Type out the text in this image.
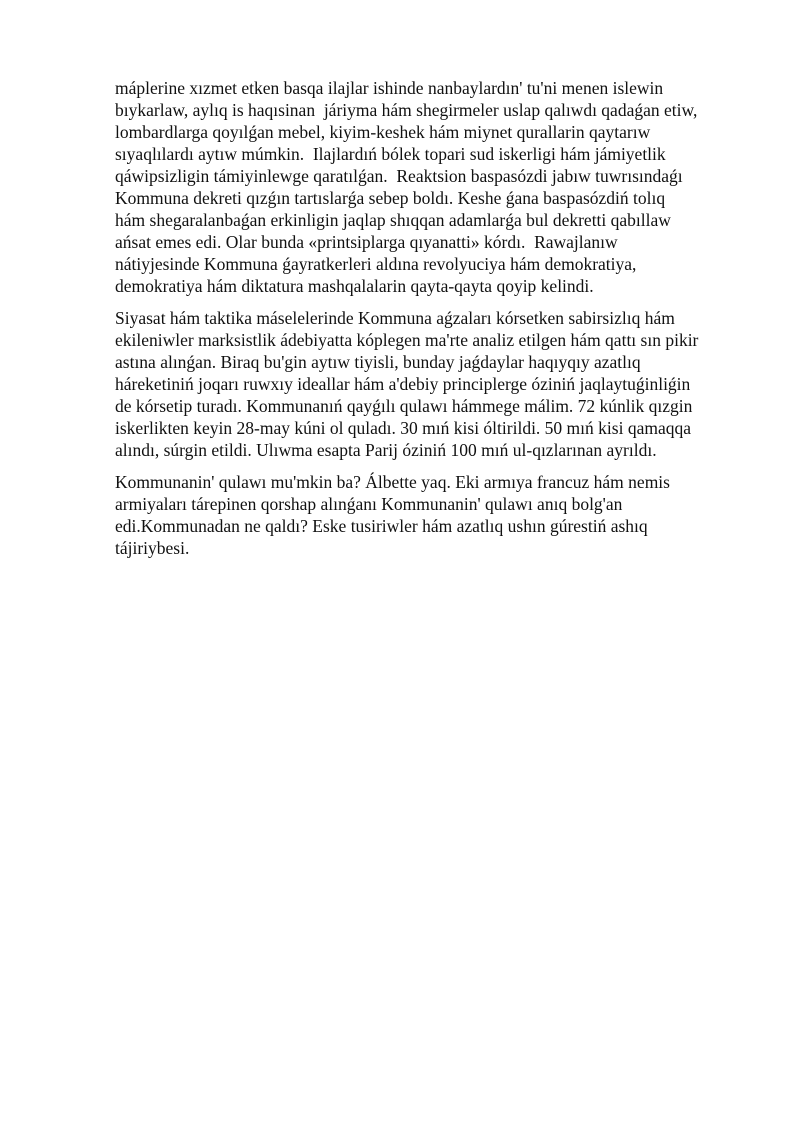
máplerine xızmet etken basqa ilajlar ishinde nanbaylardın' tu'ni menen islewin
bıykarlaw, aylıq is haqısinan  járiyma hám shegirmeler uslap qalıwdı qadaǵan etiw,
lombardlarga qoyılǵan mebel, kiyim-keshek hám miynet qurallarin qaytarıw
sıyaqlılardı aytıw múmkin.  Ilajlardıń bólek topari sud iskerligi hám jámiyetlik
qáwipsizligin támiyinlewge qaratılǵan.  Reaktsion baspasózdi jabıw tuwrısındaǵı
Kommuna dekreti qızǵın tartıslarǵa sebep boldı. Keshe ǵana baspasózdiń tolıq
hám shegaralanbaǵan erkinligin jaqlap shıqqan adamlarǵa bul dekretti qabıllaw
ańsat emes edi. Olar bunda «printsiplarga qıyanatti» kórdı.  Rawajlanıw
nátiyjesinde Kommuna ǵayratkerleri aldına revolyuciya hám demokratiya,
demokratiya hám diktatura mashqalalarin qayta-qayta qoyip kelindi.

Siyasat hám taktika máselelerinde Kommuna aǵzaları kórsetken sabirsizlıq hám
ekileniwler marksistlik ádebiyatta kóplegen ma'rte analiz etilgen hám qattı sın pikir
astına alınǵan. Biraq bu'gin aytıw tiyisli, bunday jaǵdaylar haqıyqıy azatlıq
háreketiniń joqarı ruwxıy ideallar hám a'debiy principlerge óziniń jaqlaytuǵinliǵin
de kórsetip turadı. Kommunanıń qayǵılı qulawı hámmege málim. 72 kúnlik qızgin
iskerlikten keyin 28-may kúni ol quladı. 30 mıń kisi óltirildi. 50 mıń kisi qamaqqa
alındı, súrgin etildi. Ulıwma esapta Parij óziniń 100 mıń ul-qızlarınan ayrıldı.

Kommunanin' qulawı mu'mkin ba? Álbette yaq. Eki armıya francuz hám nemis
armiyaları tárepinen qorshap alınǵanı Kommunanin' qulawı anıq bolg'an
edi.Kommunadan ne qaldı? Eske tusiriwler hám azatlıq ushın gúrestiń ashıq
tájiriybesi.
